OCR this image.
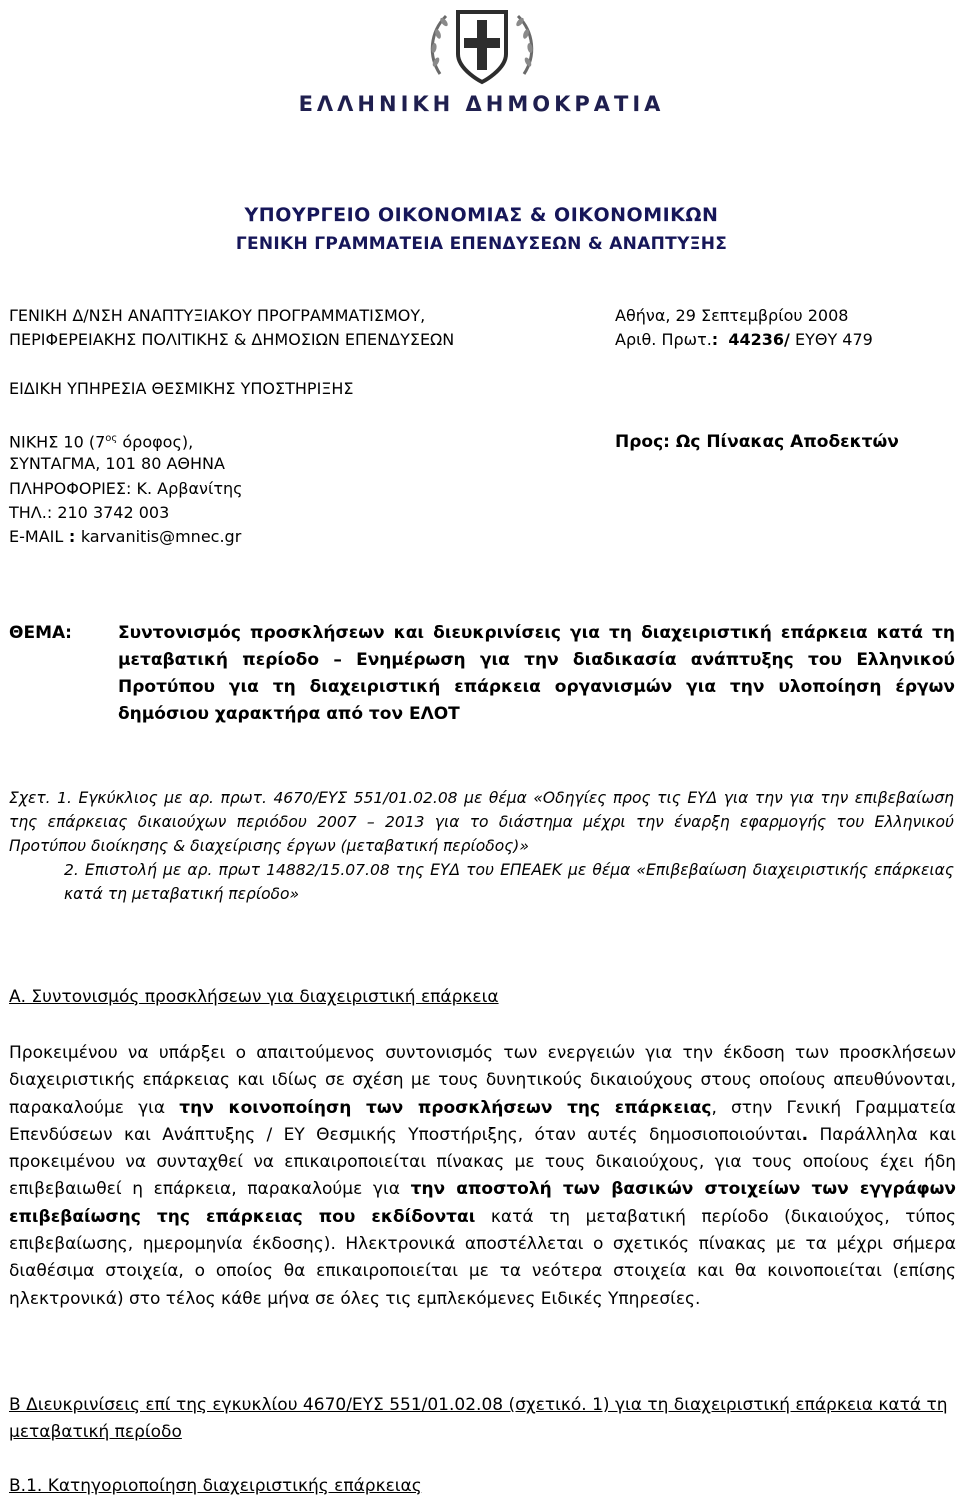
ΕΛΛΗΝΙΚΗ ΔΗΜΟΚΡΑΤΙΑ
ΥΠΟΥΡΓΕΙΟ ΟΙΚΟΝΟΜΙΑΣ & ΟΙΚΟΝΟΜΙΚΩΝ
ΓΕΝΙΚΗ ΓΡΑΜΜΑΤΕΙΑ ΕΠΕΝΔΥΣΕΩΝ & ΑΝΑΠΤΥΞΗΣ
ΓΕΝΙΚΗ Δ/ΝΣΗ ΑΝΑΠΤΥΞΙΑΚΟΥ ΠΡΟΓΡΑΜΜΑΤΙΣΜΟΥ,
ΠΕΡΙΦΕΡΕΙΑΚΗΣ ΠΟΛΙΤΙΚΗΣ & ΔΗΜΟΣΙΩΝ ΕΠΕΝΔΥΣΕΩΝ
Αθήνα, 29 Σεπτεμβρίου 2008
Αριθ. Πρωτ.: 44236/ ΕΥΘΥ 479
ΕΙΔΙΚΗ ΥΠΗΡΕΣΙΑ ΘΕΣΜΙΚΗΣ ΥΠΟΣΤΗΡΙΞΗΣ
ΝΙΚΗΣ 10 ($7^{o\varsigma}$ όροφος),
ΣΥΝΤΑΓΜΑ, 101 80 ΑΘΗΝΑ
ΠΛΗΡΟΦΟΡΙΕΣ: Κ. Αρβανίτης
ΤΗΛ.: 210 3742 003
E-MAIL : karvanitis@mnec.gr
Προς: Ως Πίνακας Αποδεκτών
ΘΕΜΑ:	Συντονισμός προσκλήσεων και διευκρινίσεις για τη διαχειριστική επάρκεια κατά τη μεταβατική περίοδο – Ενημέρωση για την διαδικασία ανάπτυξης του Ελληνικού Προτύπου για τη διαχειριστική επάρκεια οργανισμών για την υλοποίηση έργων δημόσιου χαρακτήρα από τον ΕΛΟΤ
Σχετ. 1. Εγκύκλιος με αρ. πρωτ. 4670/ΕΥΣ 551/01.02.08 με θέμα «Οδηγίες προς τις ΕΥΔ για την για την επιβεβαίωση της επάρκειας δικαιούχων περιόδου 2007 – 2013 για το διάστημα μέχρι την έναρξη εφαρμογής του Ελληνικού Προτύπου διοίκησης & διαχείρισης έργων (μεταβατική περίοδος)»
2. Επιστολή με αρ. πρωτ 14882/15.07.08 της ΕΥΔ του ΕΠΕΑΕΚ με θέμα «Επιβεβαίωση διαχειριστικής επάρκειας κατά τη μεταβατική περίοδο»
Α. Συντονισμός προσκλήσεων για διαχειριστική επάρκεια
Προκειμένου να υπάρξει ο απαιτούμενος συντονισμός των ενεργειών για την έκδοση των προσκλήσεων διαχειριστικής επάρκειας και ιδίως σε σχέση με τους δυνητικούς δικαιούχους στους οποίους απευθύνονται, παρακαλούμε για την κοινοποίηση των προσκλήσεων της επάρκειας, στην Γενική Γραμματεία Επενδύσεων και Ανάπτυξης / ΕΥ Θεσμικής Υποστήριξης, όταν αυτές δημοσιοποιούνται. Παράλληλα και προκειμένου να συνταχθεί να επικαιροποιείται πίνακας με τους δικαιούχους, για τους οποίους έχει ήδη επιβεβαιωθεί η επάρκεια, παρακαλούμε για την αποστολή των βασικών στοιχείων των εγγράφων επιβεβαίωσης της επάρκειας που εκδίδονται κατά τη μεταβατική περίοδο (δικαιούχος, τύπος επιβεβαίωσης, ημερομηνία έκδοσης). Ηλεκτρονικά αποστέλλεται ο σχετικός πίνακας με τα μέχρι σήμερα διαθέσιμα στοιχεία, ο οποίος θα επικαιροποιείται με τα νεότερα στοιχεία και θα κοινοποιείται (επίσης ηλεκτρονικά) στο τέλος κάθε μήνα σε όλες τις εμπλεκόμενες Ειδικές Υπηρεσίες.
Β Διευκρινίσεις επί της εγκυκλίου 4670/ΕΥΣ 551/01.02.08 (σχετικό. 1) για τη διαχειριστική επάρκεια κατά τη μεταβατική περίοδο
Β.1. Κατηγοριοποίηση διαχειριστικής επάρκειας
